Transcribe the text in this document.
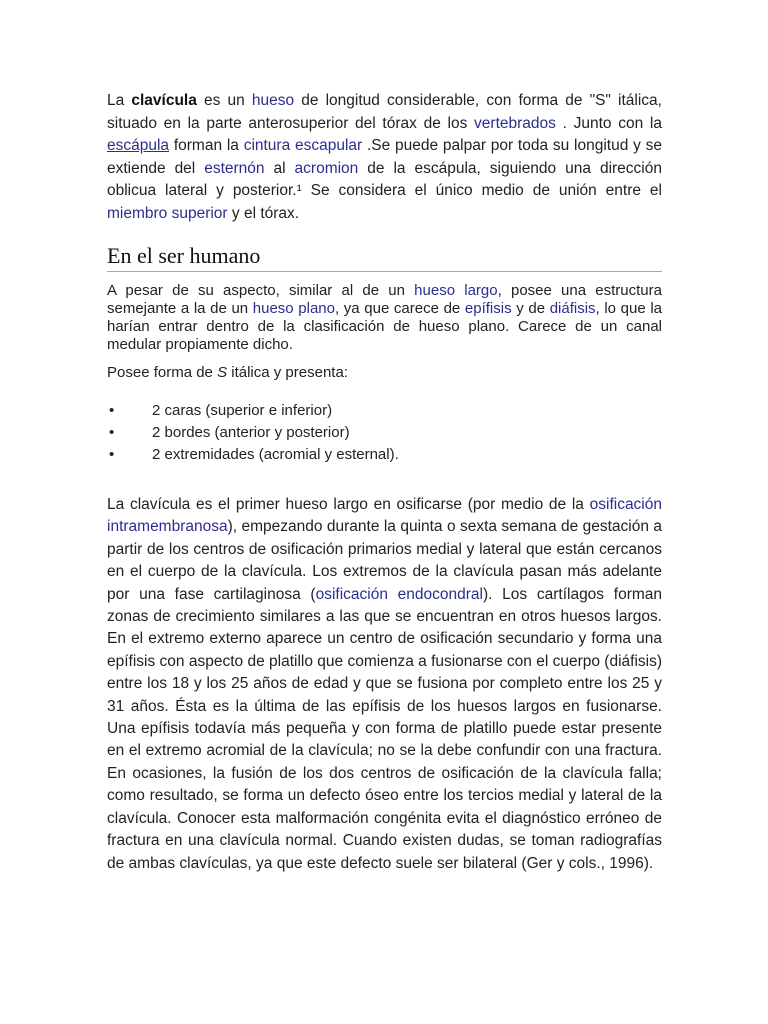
La clavícula es un hueso de longitud considerable, con forma de "S" itálica, situado en la parte anterosuperior del tórax de los vertebrados . Junto con la escápula forman la cintura escapular .Se puede palpar por toda su longitud y se extiende del esternón al acromion de la escápula, siguiendo una dirección oblicua lateral y posterior.¹ Se considera el único medio de unión entre el miembro superior y el tórax.

En el ser humano

A pesar de su aspecto, similar al de un hueso largo, posee una estructura semejante a la de un hueso plano, ya que carece de epífisis y de diáfisis, lo que la harían entrar dentro de la clasificación de hueso plano. Carece de un canal medular propiamente dicho.

Posee forma de S itálica y presenta:

•	2 caras (superior e inferior)
•	2 bordes (anterior y posterior)
•	2 extremidades (acromial y esternal).

La clavícula es el primer hueso largo en osificarse (por medio de la osificación intramembranosa), empezando durante la quinta o sexta semana de gestación a partir de los centros de osificación primarios medial y lateral que están cercanos en el cuerpo de la clavícula. Los extremos de la clavícula pasan más adelante por una fase cartilaginosa (osificación endocondral). Los cartílagos forman zonas de crecimiento similares a las que se encuentran en otros huesos largos. En el extremo externo aparece un centro de osificación secundario y forma una epífisis con aspecto de platillo que comienza a fusionarse con el cuerpo (diáfisis) entre los 18 y los 25 años de edad y que se fusiona por completo entre los 25 y 31 años. Ésta es la última de las epífisis de los huesos largos en fusionarse. Una epífisis todavía más pequeña y con forma de platillo puede estar presente en el extremo acromial de la clavícula; no se la debe confundir con una fractura. En ocasiones, la fusión de los dos centros de osificación de la clavícula falla; como resultado, se forma un defecto óseo entre los tercios medial y lateral de la clavícula. Conocer esta malformación congénita evita el diagnóstico erróneo de fractura en una clavícula normal. Cuando existen dudas, se toman radiografías de ambas clavículas, ya que este defecto suele ser bilateral (Ger y cols., 1996).
